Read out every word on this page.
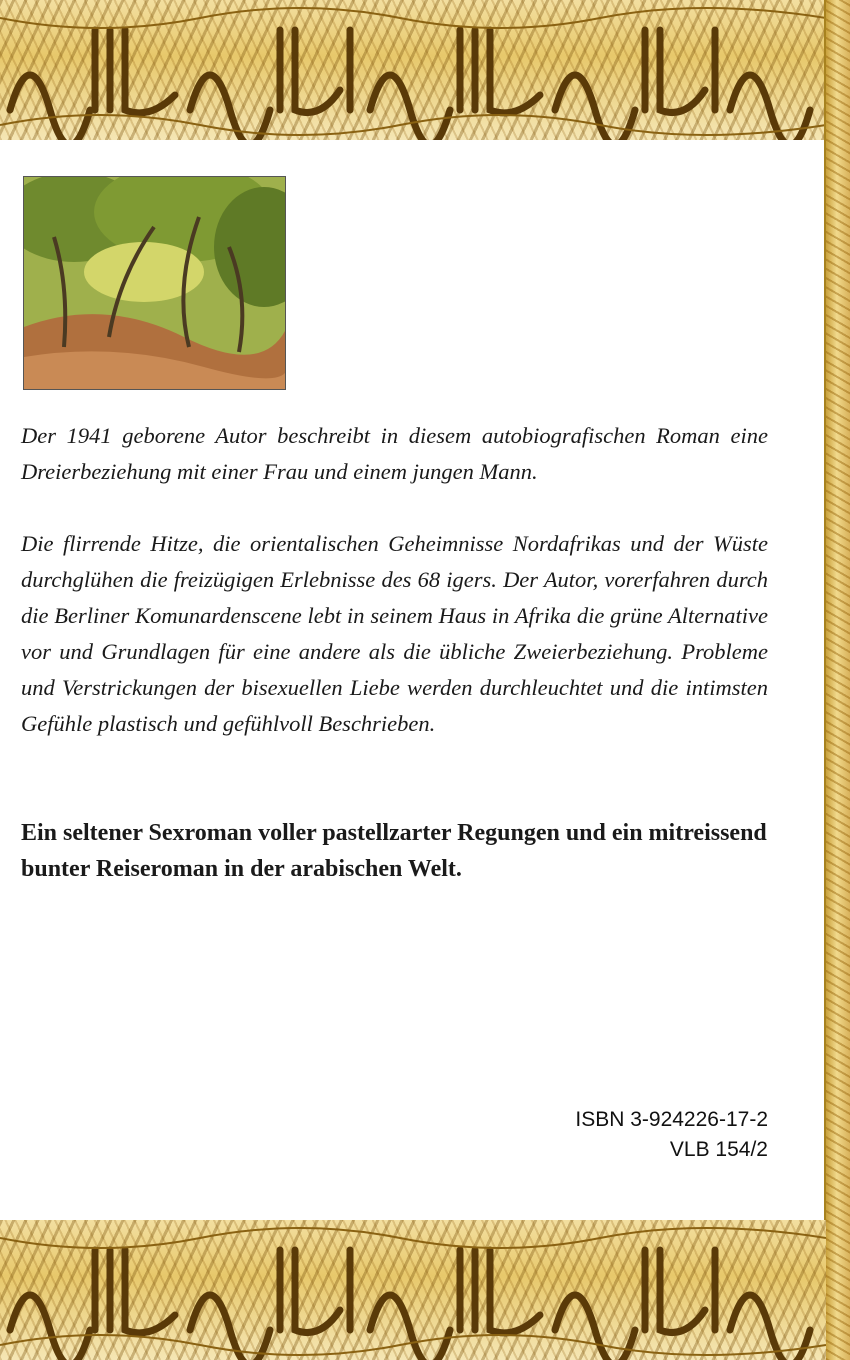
Der 1941 geborene Autor beschreibt in diesem autobiografischen Roman eine Dreierbeziehung mit einer Frau und einem jungen Mann.
Die flirrende Hitze, die orientalischen Geheimnisse Nordafrikas und der Wüste durchglühen die freizügigen Erlebnisse des 68 igers. Der Autor, vorerfahren durch die Berliner Komunardenscene lebt in seinem Haus in Afrika die grüne Alternative vor und Grundlagen für eine andere als die übliche Zweierbeziehung. Probleme und Verstrickungen der bisexuellen Liebe werden durchleuchtet und die intimsten Gefühle plastisch und gefühlvoll Beschrieben.
Ein seltener Sexroman voller pastellzarter Regungen und ein mitreissend bunter Reiseroman in der arabischen Welt.
ISBN 3-924226-17-2
VLB 154/2
